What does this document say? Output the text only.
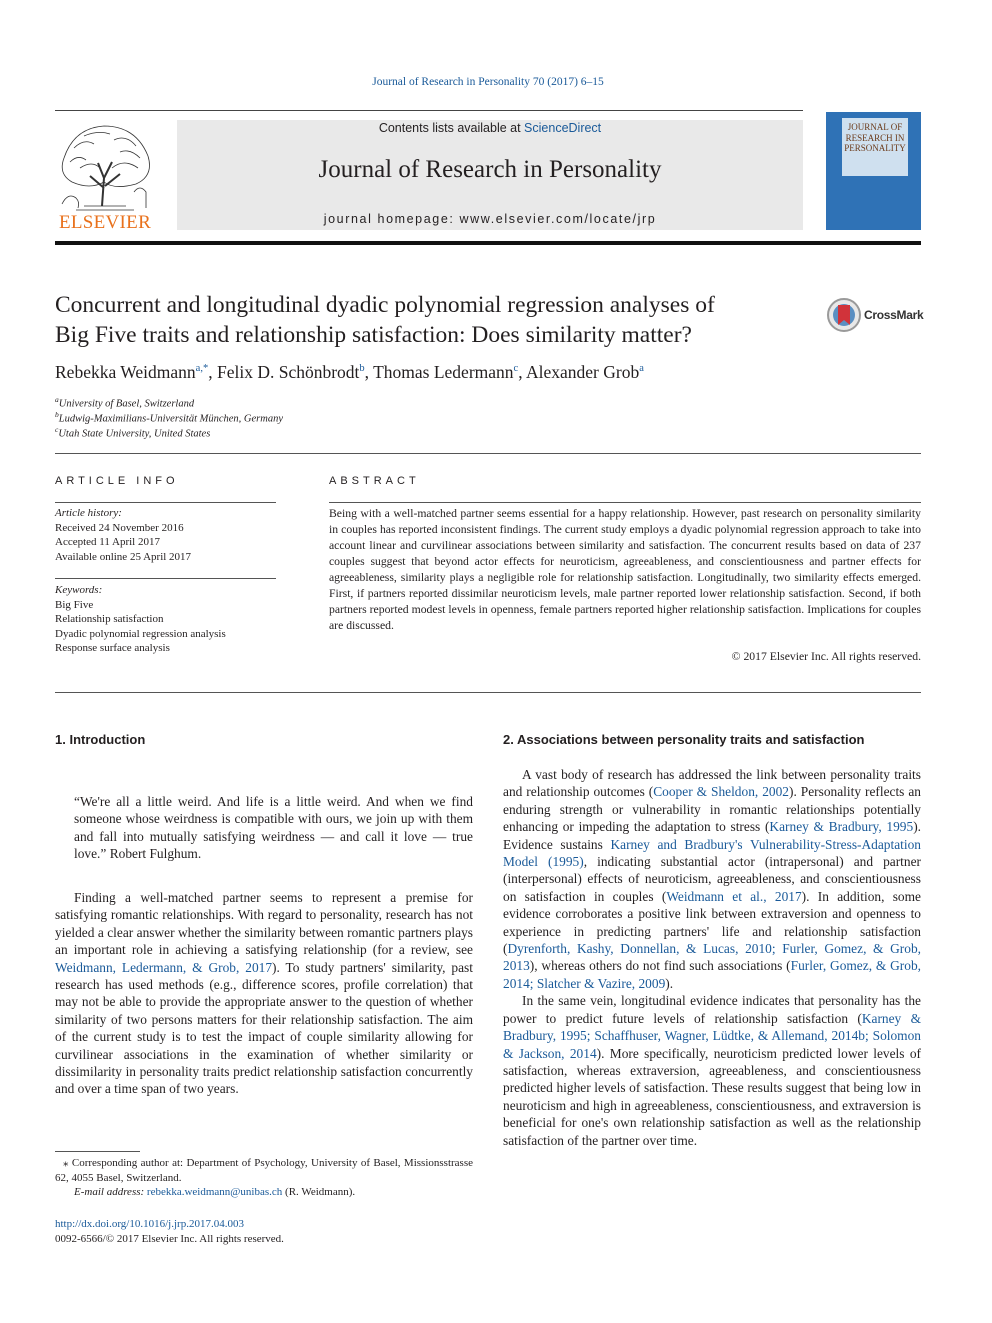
Journal of Research in Personality 70 (2017) 6–15
ELSEVIER
Contents lists available at ScienceDirect
Journal of Research in Personality
journal homepage: www.elsevier.com/locate/jrp
JOURNAL OF RESEARCH IN PERSONALITY
Concurrent and longitudinal dyadic polynomial regression analyses of
Big Five traits and relationship satisfaction: Does similarity matter?
CrossMark
Rebekka Weidmann$^{a,*}$, Felix D. Schönbrodt$^b$, Thomas Ledermann$^c$, Alexander Grob$^a$
$^a$University of Basel, Switzerland
$^b$Ludwig-Maximilians-Universität München, Germany
$^c$Utah State University, United States
ARTICLE INFO
Article history:
Received 24 November 2016
Accepted 11 April 2017
Available online 25 April 2017
Keywords:
Big Five
Relationship satisfaction
Dyadic polynomial regression analysis
Response surface analysis
ABSTRACT
Being with a well-matched partner seems essential for a happy relationship. However, past research on personality similarity in couples has reported inconsistent findings. The current study employs a dyadic polynomial regression approach to take into account linear and curvilinear associations between similarity and satisfaction. The concurrent results based on data of 237 couples suggest that beyond actor effects for neuroticism, agreeableness, and conscientiousness and partner effects for agreeableness, similarity plays a negligible role for relationship satisfaction. Longitudinally, two similarity effects emerged. First, if partners reported dissimilar neuroticism levels, male partner reported lower relationship satisfaction. Second, if both partners reported modest levels in openness, female partners reported higher relationship satisfaction. Implications for couples are discussed.
© 2017 Elsevier Inc. All rights reserved.
1. Introduction
“We're all a little weird. And life is a little weird. And when we find someone whose weirdness is compatible with ours, we join up with them and fall into mutually satisfying weirdness — and call it love — true love.” Robert Fulghum.

Finding a well-matched partner seems to represent a premise for satisfying romantic relationships. With regard to personality, research has not yielded a clear answer whether the similarity between romantic partners plays an important role in achieving a satisfying relationship (for a review, see Weidmann, Ledermann, & Grob, 2017). To study partners' similarity, past research has used methods (e.g., difference scores, profile correlation) that may not be able to provide the appropriate answer to the question of whether similarity of two persons matters for their relationship satisfaction. The aim of the current study is to test the impact of couple similarity allowing for curvilinear associations in the examination of whether similarity or dissimilarity in personality traits predict relationship satisfaction concurrently and over a time span of two years.

2. Associations between personality traits and satisfaction

A vast body of research has addressed the link between personality traits and relationship outcomes (Cooper & Sheldon, 2002). Personality reflects an enduring strength or vulnerability in romantic relationships potentially enhancing or impeding the adaptation to stress (Karney & Bradbury, 1995). Evidence sustains Karney and Bradbury's Vulnerability-Stress-Adaptation Model (1995), indicating substantial actor (intrapersonal) and partner (interpersonal) effects of neuroticism, agreeableness, and conscientiousness on satisfaction in couples (Weidmann et al., 2017). In addition, some evidence corroborates a positive link between extraversion and openness to experience in predicting partners' life and relationship satisfaction (Dyrenforth, Kashy, Donnellan, & Lucas, 2010; Furler, Gomez, & Grob, 2013), whereas others do not find such associations (Furler, Gomez, & Grob, 2014; Slatcher & Vazire, 2009).

In the same vein, longitudinal evidence indicates that personality has the power to predict future levels of relationship satisfaction (Karney & Bradbury, 1995; Schaffhuser, Wagner, Lüdtke, & Allemand, 2014b; Solomon & Jackson, 2014). More specifically, neuroticism predicted lower levels of satisfaction, whereas extraversion, agreeableness, and conscientiousness predicted higher levels of satisfaction. These results suggest that being low in neuroticism and high in agreeableness, conscientiousness, and extraversion is beneficial for one's own relationship satisfaction as well as the relationship satisfaction of the partner over time.

⁎ Corresponding author at: Department of Psychology, University of Basel, Missionsstrasse 62, 4055 Basel, Switzerland.
E-mail address: rebekka.weidmann@unibas.ch (R. Weidmann).
http://dx.doi.org/10.1016/j.jrp.2017.04.003
0092-6566/© 2017 Elsevier Inc. All rights reserved.
